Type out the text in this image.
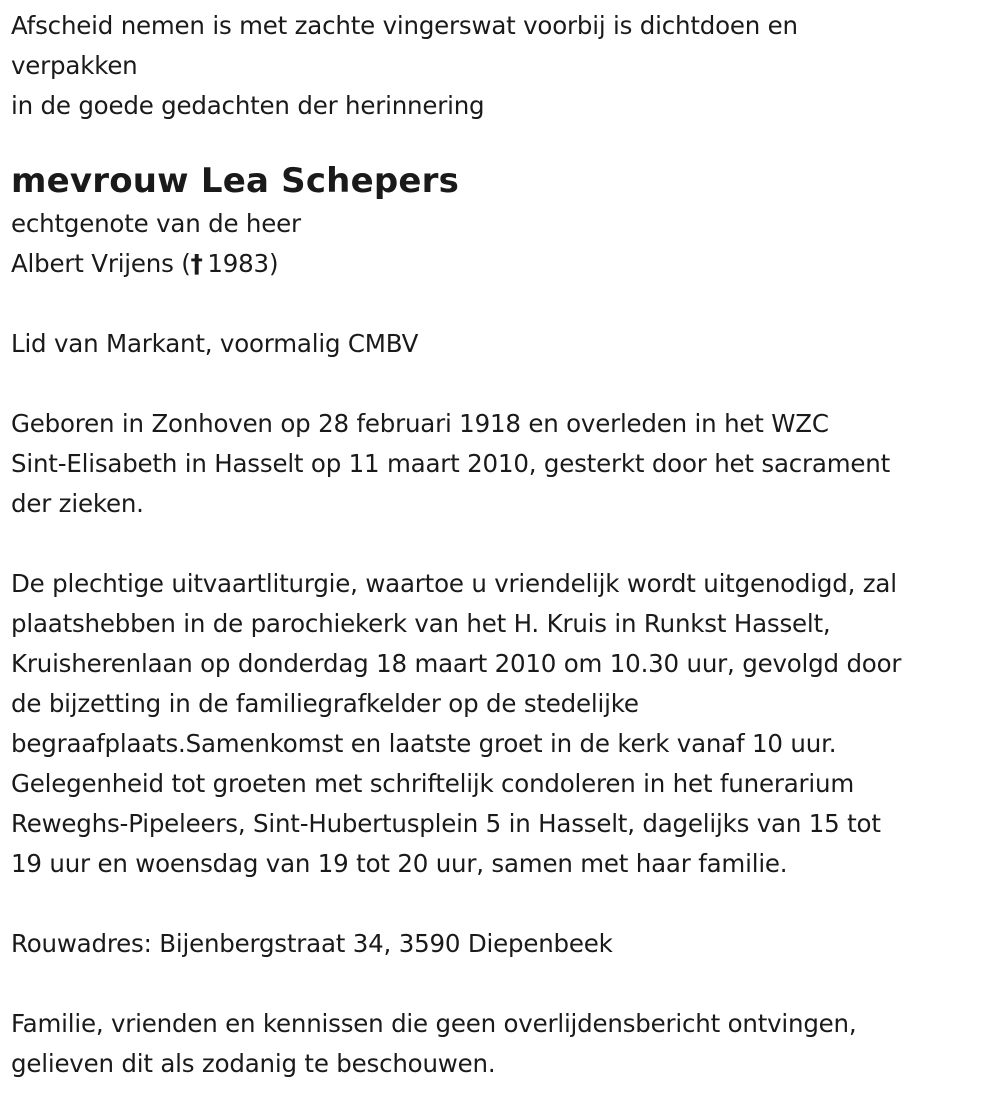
Afscheid nemen is met zachte vingerswat voorbij is dichtdoen en
verpakken
in de goede gedachten der herinnering
mevrouw Lea Schepers
echtgenote van de heer
Albert Vrijens (†  1983)
Lid van Markant, voormalig CMBV
Geboren in Zonhoven op 28 februari 1918 en overleden in het WZC
Sint-Elisabeth in Hasselt op 11 maart 2010, gesterkt door het sacrament
der zieken.
De plechtige uitvaartliturgie, waartoe u vriendelijk wordt uitgenodigd, zal
plaatshebben in de parochiekerk van het H. Kruis in Runkst Hasselt,
Kruisherenlaan op donderdag 18 maart 2010 om 10.30 uur, gevolgd door
de bijzetting in de familiegrafkelder op de stedelijke
begraafplaats.Samenkomst en laatste groet in de kerk vanaf 10 uur.
Gelegenheid tot groeten met schriftelijk condoleren in het funerarium
Reweghs-Pipeleers, Sint-Hubertusplein 5 in Hasselt, dagelijks van 15 tot
19 uur en woensdag van 19 tot 20 uur, samen met haar familie.
Rouwadres: Bijenbergstraat 34, 3590 Diepenbeek
Familie, vrienden en kennissen die geen overlijdensbericht ontvingen,
gelieven dit als zodanig te beschouwen.
